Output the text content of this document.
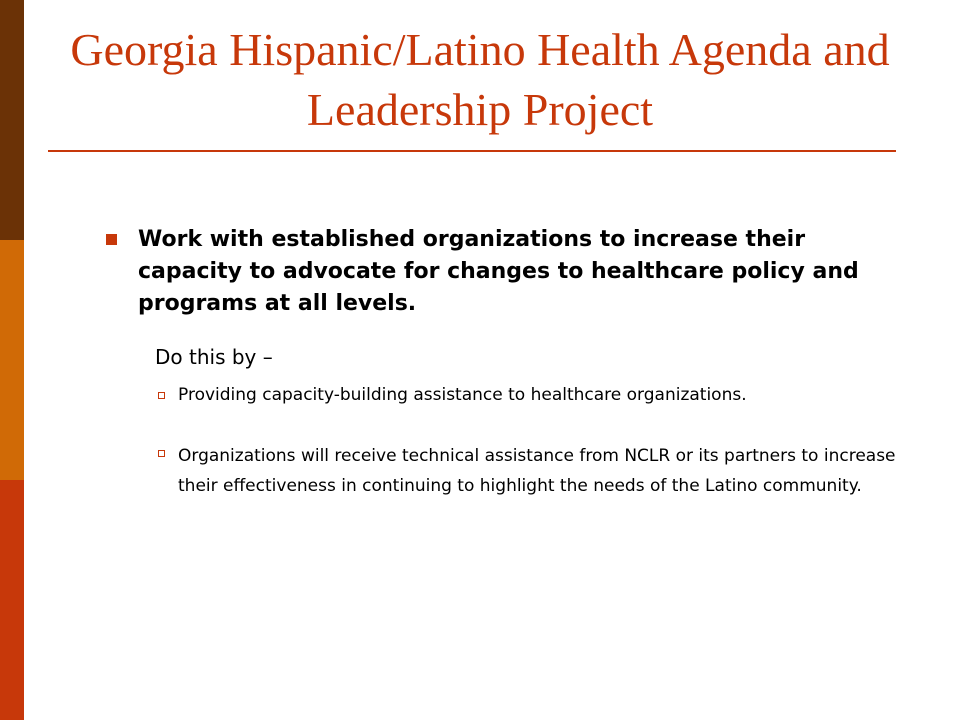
Georgia Hispanic/Latino Health Agenda and Leadership Project
Work with established organizations to increase their capacity to advocate for changes to healthcare policy and programs at all levels.
Do this by –
Providing capacity-building assistance to healthcare organizations.
Organizations will receive technical assistance from NCLR or its partners to increase their effectiveness in continuing to highlight the needs of the Latino community.
